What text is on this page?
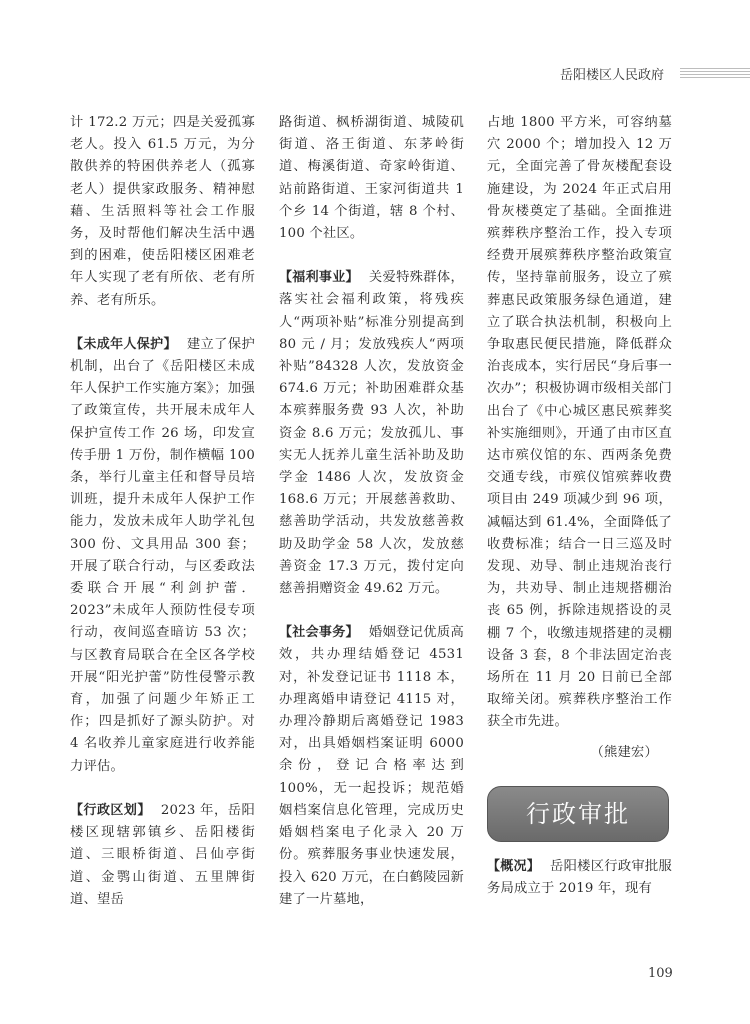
岳阳楼区人民政府

计 172.2 万元；四是关爱孤寡老人。投入 61.5 万元，为分散供养的特困供养老人（孤寡老人）提供家政服务、精神慰藉、生活照料等社会工作服务，及时帮他们解决生活中遇到的困难，使岳阳楼区困难老年人实现了老有所依、老有所养、老有所乐。

【未成年人保护】 建立了保护机制，出台了《岳阳楼区未成年人保护工作实施方案》；加强了政策宣传，共开展未成年人保护宣传工作 26 场，印发宣传手册 1 万份，制作横幅 100 条，举行儿童主任和督导员培训班，提升未成年人保护工作能力，发放未成年人助学礼包 300 份、文具用品 300 套；开展了联合行动，与区委政法委联合开展“利剑护蕾．2023”未成年人预防性侵专项行动，夜间巡查暗访 53 次；与区教育局联合在全区各学校开展“阳光护蕾”防性侵警示教育，加强了问题少年矫正工作；四是抓好了源头防护。对 4 名收养儿童家庭进行收养能力评估。

【行政区划】 2023 年，岳阳楼区现辖郭镇乡、岳阳楼街道、三眼桥街道、吕仙亭街道、金鹗山街道、五里牌街道、望岳

路街道、枫桥湖街道、城陵矶街道、洛王街道、东茅岭街道、梅溪街道、奇家岭街道、站前路街道、王家河街道共 1 个乡 14 个街道，辖 8 个村、100 个社区。

【福利事业】 关爱特殊群体，落实社会福利政策，将残疾人“两项补贴”标准分别提高到 80 元 / 月；发放残疾人“两项补贴”84328 人次，发放资金 674.6 万元；补助困难群众基本殡葬服务费 93 人次，补助资金 8.6 万元；发放孤儿、事实无人抚养儿童生活补助及助学金 1486 人次，发放资金 168.6 万元；开展慈善救助、慈善助学活动，共发放慈善救助及助学金 58 人次，发放慈善资金 17.3 万元，拨付定向慈善捐赠资金 49.62 万元。

【社会事务】 婚姻登记优质高效，共办理结婚登记 4531 对，补发登记证书 1118 本，办理离婚申请登记 4115 对，办理冷静期后离婚登记 1983 对，出具婚姻档案证明 6000 余份，登记合格率达到 100%，无一起投诉；规范婚姻档案信息化管理，完成历史婚姻档案电子化录入 20 万份。殡葬服务事业快速发展，投入 620 万元，在白鹤陵园新建了一片墓地，

占地 1800 平方米，可容纳墓穴 2000 个；增加投入 12 万元，全面完善了骨灰楼配套设施建设，为 2024 年正式启用骨灰楼奠定了基础。全面推进殡葬秩序整治工作，投入专项经费开展殡葬秩序整治政策宣传，坚持靠前服务，设立了殡葬惠民政策服务绿色通道，建立了联合执法机制，积极向上争取惠民便民措施，降低群众治丧成本，实行居民“身后事一次办”；积极协调市级相关部门出台了《中心城区惠民殡葬奖补实施细则》，开通了由市区直达市殡仪馆的东、西两条免费交通专线，市殡仪馆殡葬收费项目由 249 项减少到 96 项，减幅达到 61.4%，全面降低了收费标准；结合一日三巡及时发现、劝导、制止违规治丧行为，共劝导、制止违规搭棚治丧 65 例，拆除违规搭设的灵棚 7 个，收缴违规搭建的灵棚设备 3 套，8 个非法固定治丧场所在 11 月 20 日前已全部取缔关闭。殡葬秩序整治工作获全市先进。

（熊建宏）

行政审批

【概况】 岳阳楼区行政审批服务局成立于 2019 年，现有

109
